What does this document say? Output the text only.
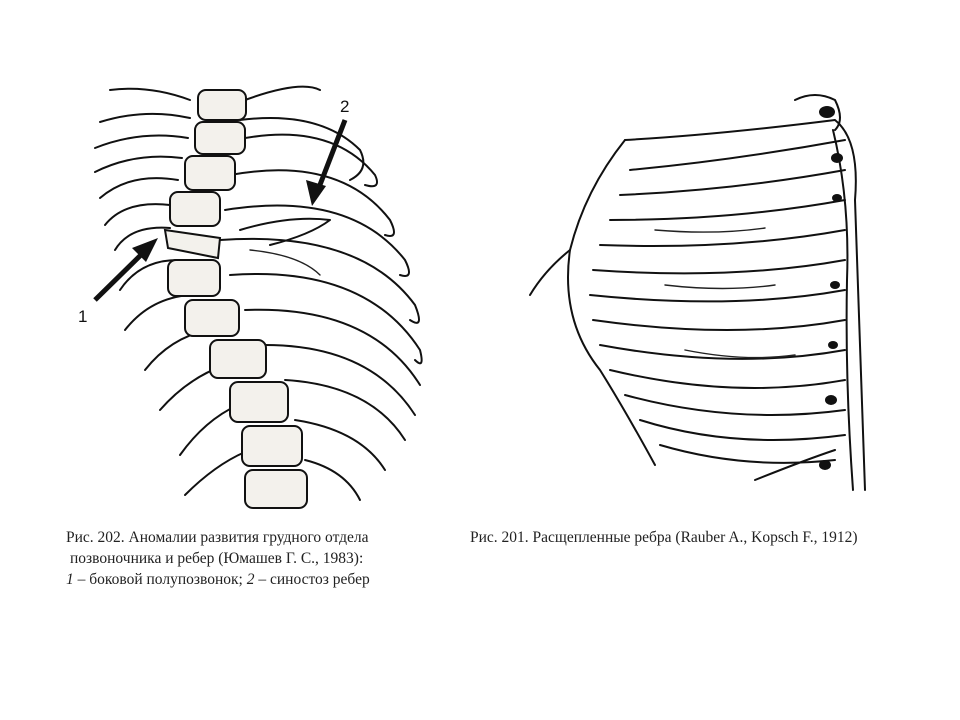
1
2
Рис. 202. Аномалии развития грудного отдела
позвоночника и ребер (Юмашев Г. С., 1983):
1 – боковой полупозвонок; 2 – синостоз ребер
Рис. 201. Расщепленные ребра (Rauber A., Kopsch F., 1912)
